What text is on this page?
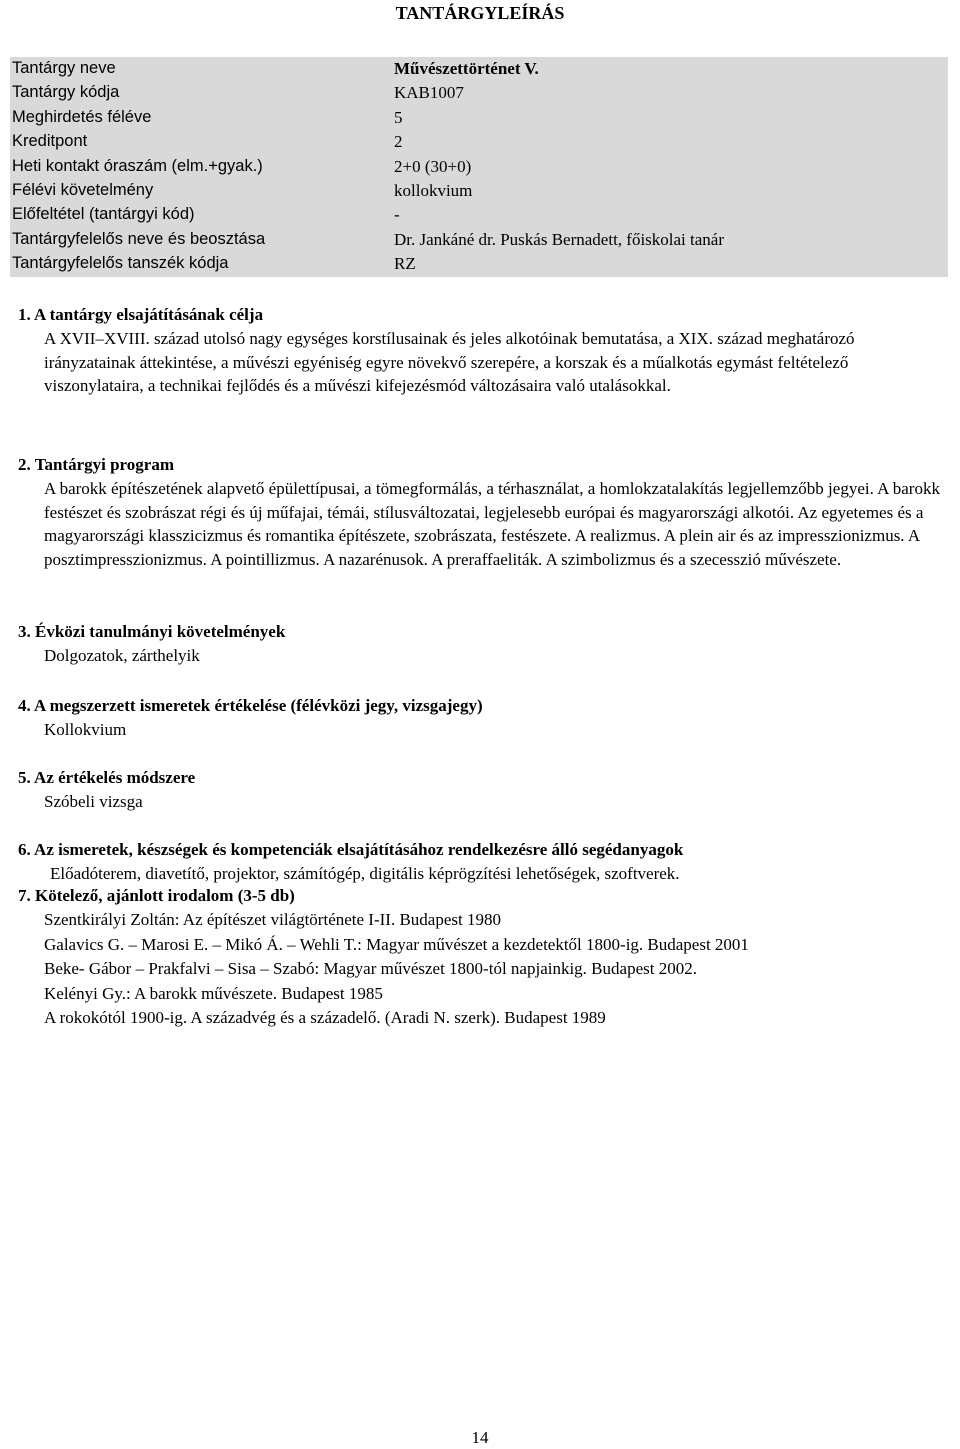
TANTÁRGYLEÍRÁS
Tantárgy neve	Művészettörténet V.
Tantárgy kódja	KAB1007
Meghirdetés féléve	5
Kreditpont	2
Heti kontakt óraszám (elm.+gyak.)	2+0 (30+0)
Félévi követelmény	kollokvium
Előfeltétel (tantárgyi kód)	-
Tantárgyfelelős neve és beosztása	Dr. Jankáné dr. Puskás Bernadett, főiskolai tanár
Tantárgyfelelős tanszék kódja	RZ
1. A tantárgy elsajátításának célja
A XVII–XVIII. század utolsó nagy egységes korstílusainak és jeles alkotóinak bemutatása, a XIX. század meghatározó irányzatainak áttekintése, a művészi egyéniség egyre növekvő szerepére, a korszak és a műalkotás egymást feltételező viszonylataira, a technikai fejlődés és a művészi kifejezésmód változásaira való utalásokkal.
2. Tantárgyi program
A barokk építészetének alapvető épülettípusai, a tömegformálás, a térhasználat, a homlokzatalakítás legjellemzőbb jegyei. A barokk festészet és szobrászat régi és új műfajai, témái, stílusváltozatai, legjelesebb európai és magyarországi alkotói. Az egyetemes és a magyarországi klasszicizmus és romantika építészete, szobrászata, festészete. A realizmus. A plein air és az impresszionizmus. A posztimpresszionizmus. A pointillizmus. A nazarénusok. A preraffaeliták. A szimbolizmus és a szecesszió művészete.
3. Évközi tanulmányi követelmények
Dolgozatok, zárthelyik
4. A megszerzett ismeretek értékelése (félévközi jegy, vizsgajegy)
Kollokvium
5. Az értékelés módszere
Szóbeli vizsga
6. Az ismeretek, készségek és kompetenciák elsajátításához rendelkezésre álló segédanyagok
Előadóterem, diavetítő, projektor, számítógép, digitális képrögzítési lehetőségek, szoftverek.
7. Kötelező, ajánlott irodalom (3-5 db)
Szentkirályi Zoltán: Az építészet világtörténete I-II. Budapest 1980
Galavics G. – Marosi E. – Mikó Á. – Wehli T.: Magyar művészet a kezdetektől 1800-ig. Budapest 2001
Beke- Gábor – Prakfalvi – Sisa – Szabó: Magyar művészet 1800-tól napjainkig. Budapest 2002.
Kelényi Gy.: A barokk művészete. Budapest 1985
A rokokótól 1900-ig. A századvég és a századelő. (Aradi N. szerk). Budapest 1989
14
